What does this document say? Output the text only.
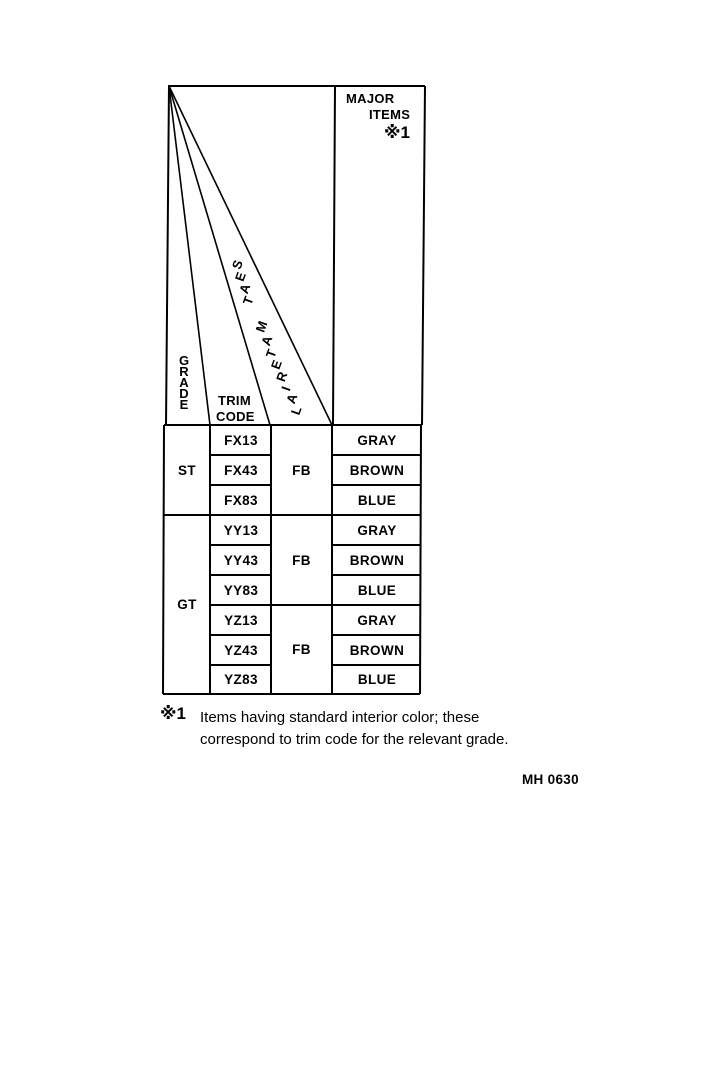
MAJOR
ITEMS
※1
G
R
A
D
E TRIM
CODE
S
E
A
T
M
A
T
E
R
I
A
L
ST
GT
FX13
FX43
FX83
YY13
YY43
YY83
YZ13
YZ43
YZ83
FB
FB
FB
GRAY
BROWN
BLUE
GRAY
BROWN
BLUE
GRAY
BROWN
BLUE
※1 Items having standard interior color; these
correspond to trim code for the relevant grade.
MH 0630
